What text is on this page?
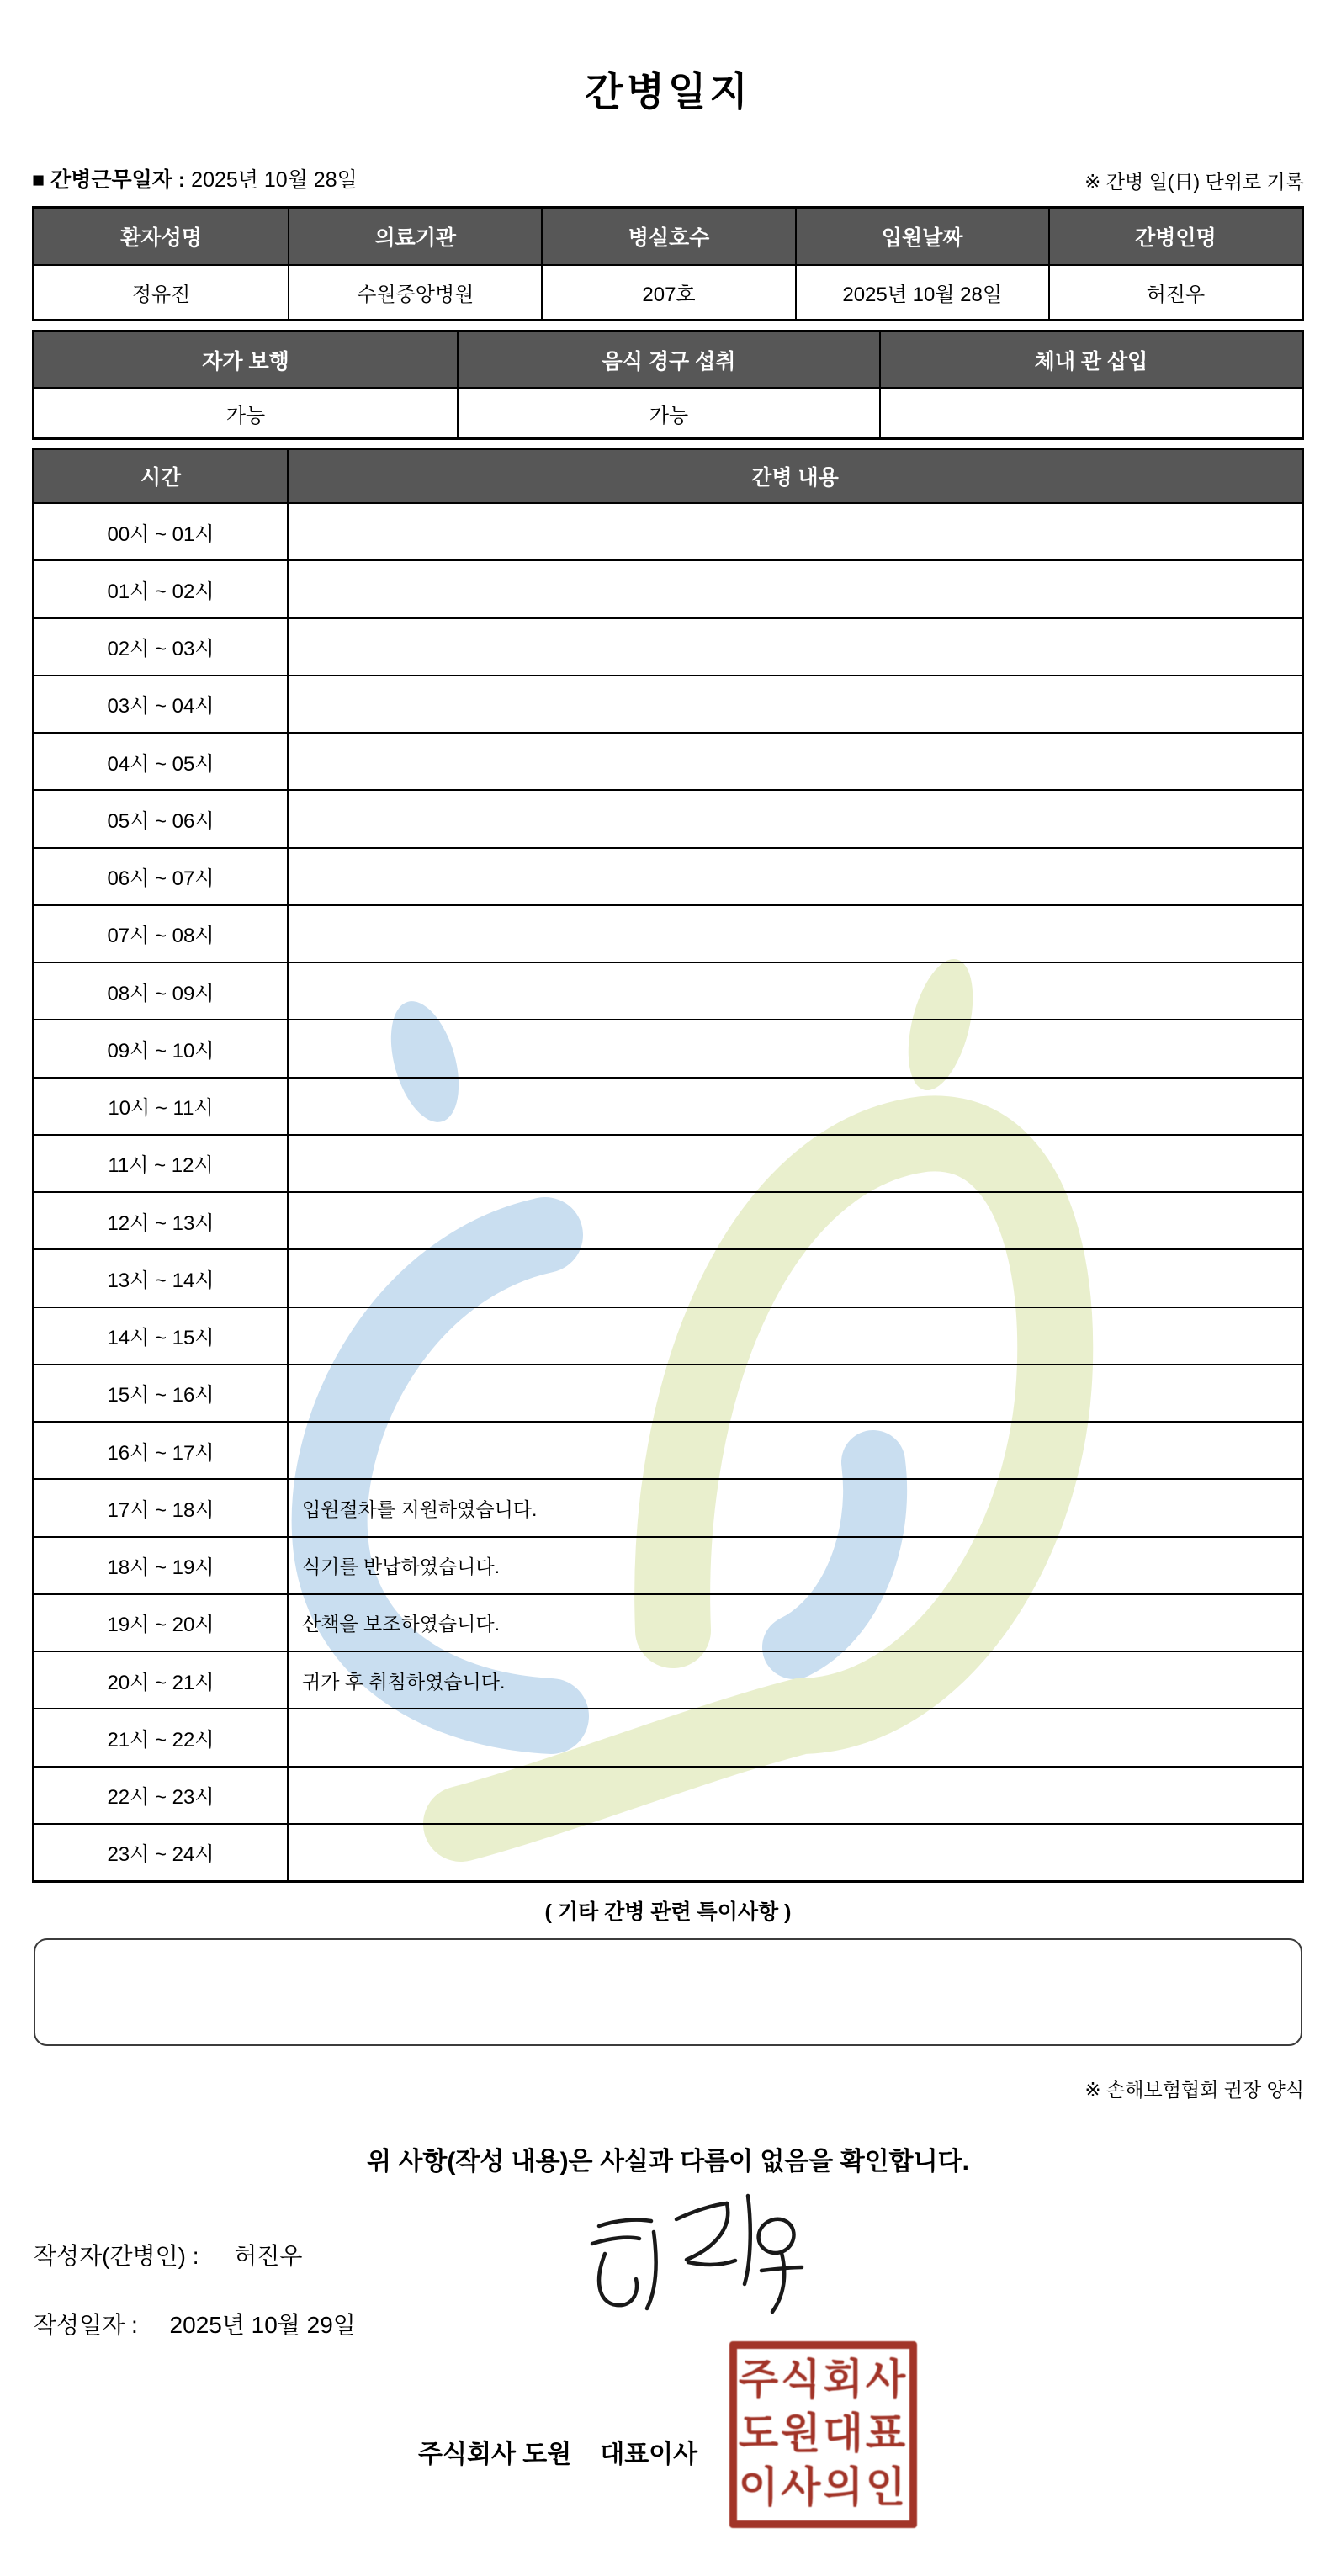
간병일지
■ 간병근무일자 : 2025년 10월 28일	※ 간병 일(日) 단위로 기록
환자성명	의료기관	병실호수	입원날짜	간병인명
정유진	수원중앙병원	207호	2025년 10월 28일	허진우
자가 보행	음식 경구 섭취	체내 관 삽입
가능	가능
시간	간병 내용
00시 ~ 01시
01시 ~ 02시
02시 ~ 03시
03시 ~ 04시
04시 ~ 05시
05시 ~ 06시
06시 ~ 07시
07시 ~ 08시
08시 ~ 09시
09시 ~ 10시
10시 ~ 11시
11시 ~ 12시
12시 ~ 13시
13시 ~ 14시
14시 ~ 15시
15시 ~ 16시
16시 ~ 17시
17시 ~ 18시	입원절차를 지원하였습니다.
18시 ~ 19시	식기를 반납하였습니다.
19시 ~ 20시	산책을 보조하였습니다.
20시 ~ 21시	귀가 후 취침하였습니다.
21시 ~ 22시
22시 ~ 23시
23시 ~ 24시
( 기타 간병 관련 특이사항 )
※ 손해보험협회 권장 양식
위 사항(작성 내용)은 사실과 다름이 없음을 확인합니다.
작성자(간병인) : 허진우
작성일자 : 2025년 10월 29일
주식회사 도원 대표이사
주식회사
도원대표
이사의인
